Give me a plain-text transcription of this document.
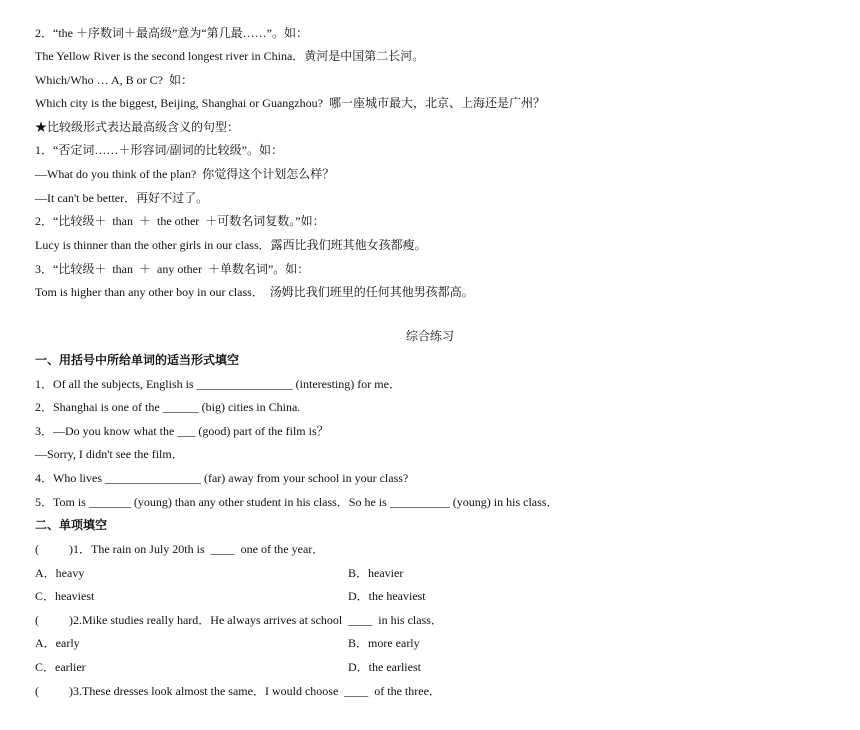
2．“the ＋序数词＋最高级”意为“第几最……”。如：
The Yellow River is the second longest river in China．黄河是中国第二长河。
Which/Who … A, B or C?  如：
Which city is the biggest, Beijing, Shanghai or Guangzhou?  哪一座城市最大，北京、上海还是广州？
★比较级形式表达最高级含义的句型：
1．“否定词……＋形容词/副词的比较级”。如：
—What do you think of the plan?  你觉得这个计划怎么样？
—It can't be better．再好不过了。
2．“比较级＋  than  ＋  the other  ＋可数名词复数。”如：
Lucy is thinner than the other girls in our class．露西比我们班其他女孩都瘦。
3．“比较级＋  than  ＋  any other  ＋单数名词”。如：
Tom is higher than any other boy in our class．  汤姆比我们班里的任何其他男孩都高。
综合练习
一、用括号中所给单词的适当形式填空
1．Of all the subjects, English is ________________ (interesting) for me．
2．Shanghai is one of the ______ (big) cities in China.
3．—Do you know what the ___ (good) part of the film is？
—Sorry, I didn't see the film．
4．Who lives ________________ (far) away from your school in your class?
5．Tom is _______ (young) than any other student in his class．So he is __________ (young) in his class．
二、单项填空
(          )1．The rain on July 20th is  ____  one of the year．
A．heavy	B．heavier
C．heaviest	D．the heaviest
(          )2.Mike studies really hard．He always arrives at school  ____  in his class．
A．early	B．more early
C．earlier	D．the earliest
(          )3.These dresses look almost the same．I would choose  ____  of the three．
